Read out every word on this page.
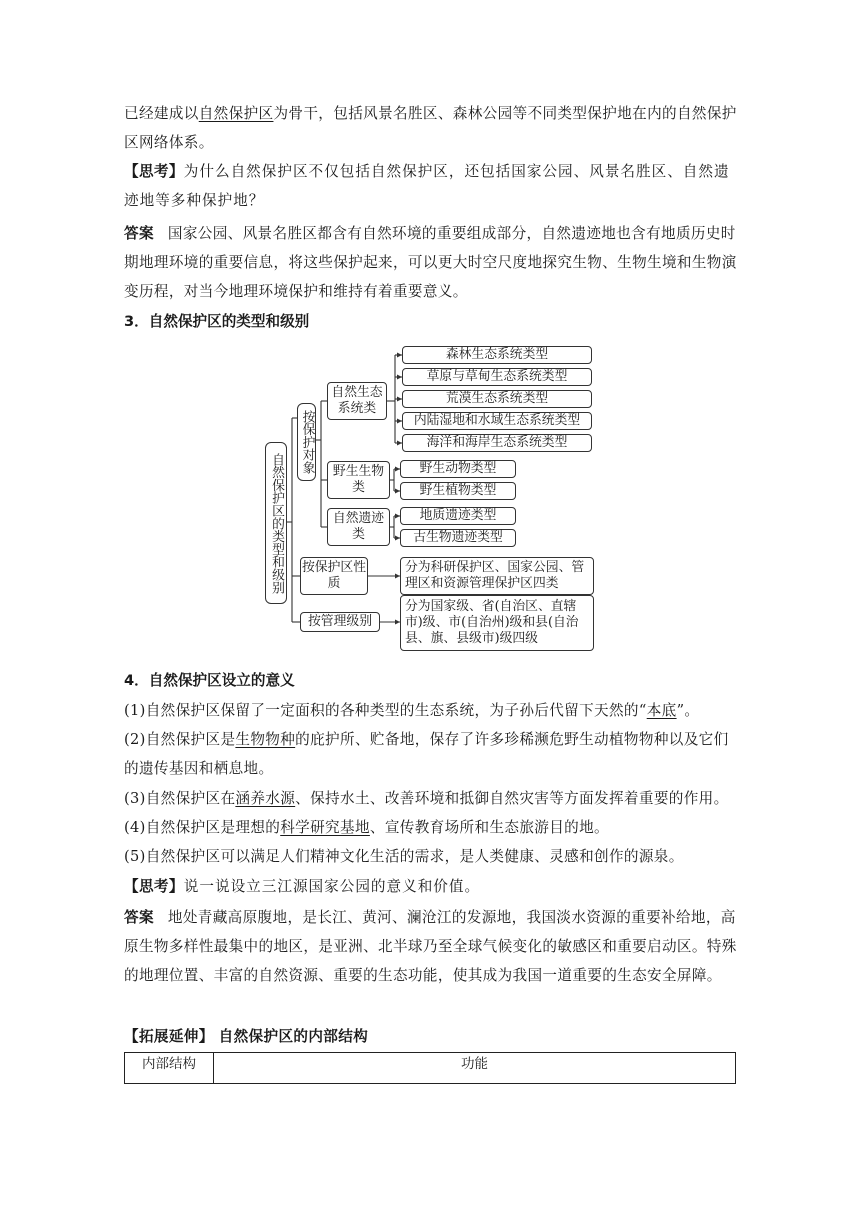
已经建成以自然保护区为骨干，包括风景名胜区、森林公园等不同类型保护地在内的自然保护区网络体系。
【思考】为什么自然保护区不仅包括自然保护区，还包括国家公园、风景名胜区、自然遗迹地等多种保护地？
答案 国家公园、风景名胜区都含有自然环境的重要组成部分，自然遗迹地也含有地质历史时期地理环境的重要信息，将这些保护起来，可以更大时空尺度地探究生物、生物生境和生物演变历程，对当今地理环境保护和维持有着重要意义。
3．自然保护区的类型和级别
自然保护区的类型和级别
按保护对象
自然生态系统类
野生生物类
自然遗迹类
森林生态系统类型
草原与草甸生态系统类型
荒漠生态系统类型
内陆湿地和水域生态系统类型
海洋和海岸生态系统类型
野生动物类型
野生植物类型
地质遗迹类型
古生物遗迹类型
按保护区性质
分为科研保护区、国家公园、管理区和资源管理保护区四类
按管理级别
分为国家级、省(自治区、直辖市)级、市(自治州)级和县(自治县、旗、县级市)级四级
4．自然保护区设立的意义
(1)自然保护区保留了一定面积的各种类型的生态系统，为子孙后代留下天然的“本底”。
(2)自然保护区是生物物种的庇护所、贮备地，保存了许多珍稀濒危野生动植物物种以及它们的遗传基因和栖息地。
(3)自然保护区在涵养水源、保持水土、改善环境和抵御自然灾害等方面发挥着重要的作用。
(4)自然保护区是理想的科学研究基地、宣传教育场所和生态旅游目的地。
(5)自然保护区可以满足人们精神文化生活的需求，是人类健康、灵感和创作的源泉。
【思考】说一说设立三江源国家公园的意义和价值。
答案 地处青藏高原腹地，是长江、黄河、澜沧江的发源地，我国淡水资源的重要补给地，高原生物多样性最集中的地区，是亚洲、北半球乃至全球气候变化的敏感区和重要启动区。特殊的地理位置、丰富的自然资源、重要的生态功能，使其成为我国一道重要的生态安全屏障。
【拓展延伸】 自然保护区的内部结构
内部结构	功能
